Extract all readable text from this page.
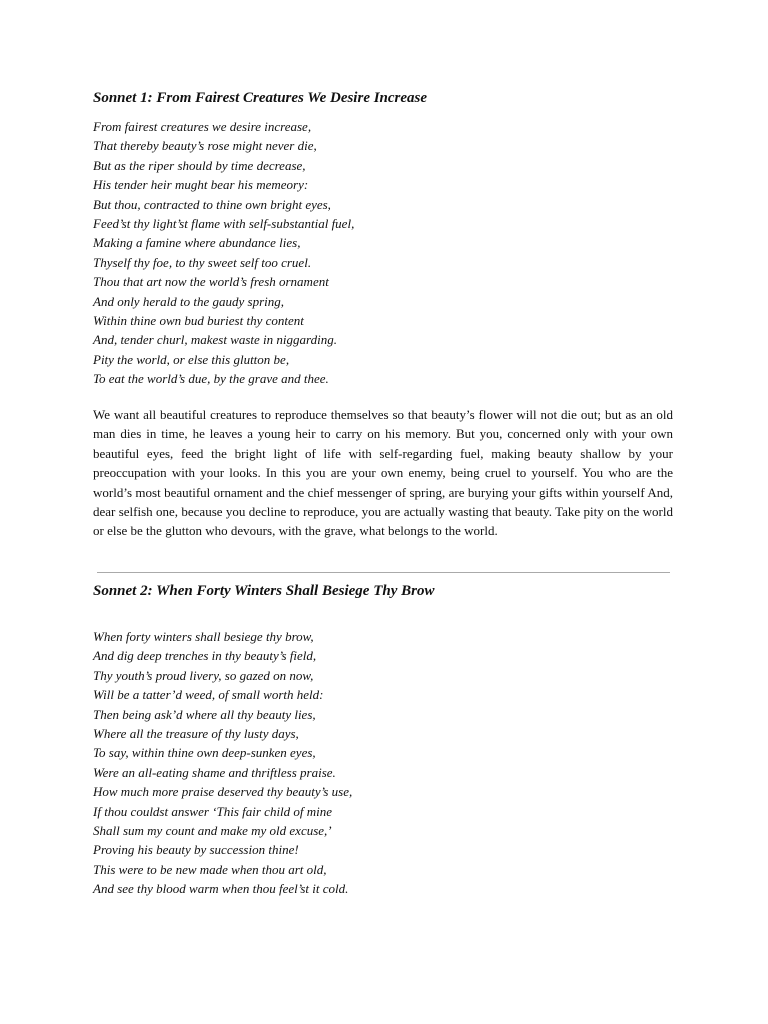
Sonnet 1: From Fairest Creatures We Desire Increase
From fairest creatures we desire increase,
That thereby beauty’s rose might never die,
But as the riper should by time decrease,
His tender heir mught bear his memeory:
But thou, contracted to thine own bright eyes,
Feed’st thy light’st flame with self-substantial fuel,
Making a famine where abundance lies,
Thyself thy foe, to thy sweet self too cruel.
Thou that art now the world’s fresh ornament
And only herald to the gaudy spring,
Within thine own bud buriest thy content
And, tender churl, makest waste in niggarding.
Pity the world, or else this glutton be,
To eat the world’s due, by the grave and thee.

We want all beautiful creatures to reproduce themselves so that beauty’s flower will not die out; but as an old man dies in time, he leaves a young heir to carry on his memory. But you, concerned only with your own beautiful eyes, feed the bright light of life with self-regarding fuel, making beauty shallow by your preoccupation with your looks. In this you are your own enemy, being cruel to yourself. You who are the world’s most beautiful ornament and the chief messenger of spring, are burying your gifts within yourself And, dear selfish one, because you decline to reproduce, you are actually wasting that beauty. Take pity on the world or else be the glutton who devours, with the grave, what belongs to the world.

Sonnet 2: When Forty Winters Shall Besiege Thy Brow
When forty winters shall besiege thy brow,
And dig deep trenches in thy beauty’s field,
Thy youth’s proud livery, so gazed on now,
Will be a tatter’d weed, of small worth held:
Then being ask’d where all thy beauty lies,
Where all the treasure of thy lusty days,
To say, within thine own deep-sunken eyes,
Were an all-eating shame and thriftless praise.
How much more praise deserved thy beauty’s use,
If thou couldst answer ‘This fair child of mine
Shall sum my count and make my old excuse,’
Proving his beauty by succession thine!
This were to be new made when thou art old,
And see thy blood warm when thou feel’st it cold.
